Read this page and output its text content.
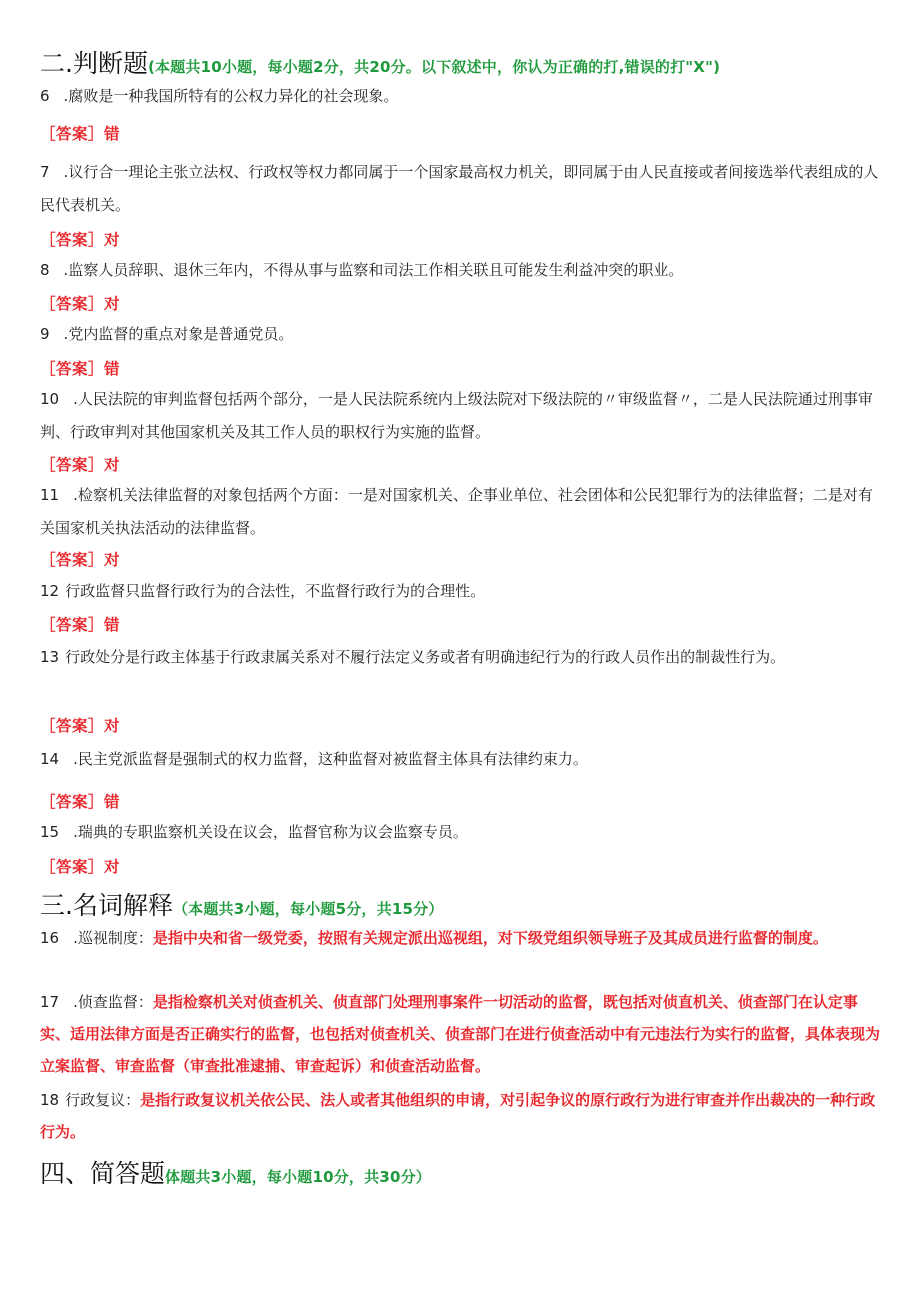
二.判断题(本题共10小题，每小题2分，共20分。以下叙述中，你认为正确的打,错误的打"X")
6 .腐败是一种我国所特有的公权力异化的社会现象。
［答案］错
7 .议行合一理论主张立法权、行政权等权力都同属于一个国家最高权力机关，即同属于由人民直接或者间接选举代表组成的人民代表机关。
［答案］对
8 .监察人员辞职、退休三年内，不得从事与监察和司法工作相关联且可能发生利益冲突的职业。
［答案］对
9 .党内监督的重点对象是普通党员。
［答案］错
10 .人民法院的审判监督包括两个部分，一是人民法院系统内上级法院对下级法院的〃审级监督〃，二是人民法院通过刑事审判、行政审判对其他国家机关及其工作人员的职权行为实施的监督。
［答案］对
11 .检察机关法律监督的对象包括两个方面：一是对国家机关、企事业单位、社会团体和公民犯罪行为的法律监督；二是对有关国家机关执法活动的法律监督。
［答案］对
12 行政监督只监督行政行为的合法性，不监督行政行为的合理性。
［答案］错
13 行政处分是行政主体基于行政隶属关系对不履行法定义务或者有明确违纪行为的行政人员作出的制裁性行为。
［答案］对
14 .民主党派监督是强制式的权力监督，这种监督对被监督主体具有法律约束力。
［答案］错
15 .瑞典的专职监察机关设在议会，监督官称为议会监察专员。
［答案］对
三.名词解释（本题共3小题，每小题5分，共15分）
16 .巡视制度：是指中央和省一级党委，按照有关规定派出巡视组，对下级党组织领导班子及其成员进行监督的制度。
17 .侦查监督：是指检察机关对侦查机关、侦直部门处理刑事案件一切活动的监督，既包括对侦直机关、侦查部门在认定事实、适用法律方面是否正确实行的监督，也包括对侦查机关、侦查部门在进行侦查活动中有元违法行为实行的监督，具体表现为立案监督、审查监督（审查批准逮捕、审查起诉）和侦查活动监督。
18 行政复议：是指行政复议机关依公民、法人或者其他组织的申请，对引起争议的原行政行为进行审查并作出裁决的一种行政行为。
四、简答题体题共3小题，每小题10分，共30分）
